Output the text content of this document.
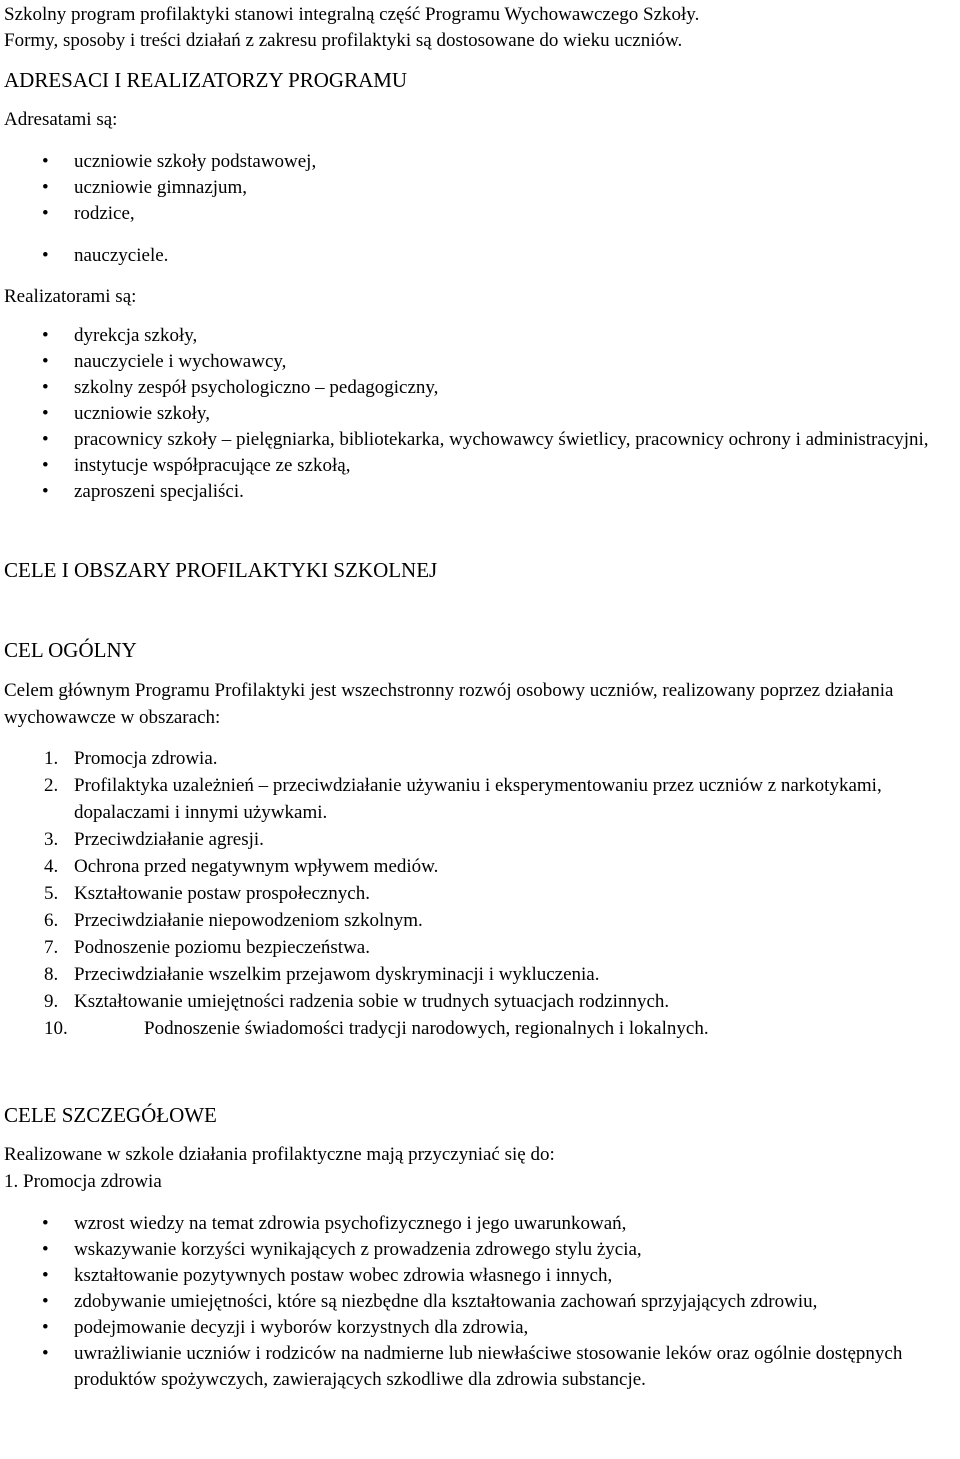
Szkolny program profilaktyki stanowi integralną część Programu Wychowawczego Szkoły.
Formy, sposoby i treści działań z zakresu profilaktyki są dostosowane do wieku uczniów.

ADRESACI I REALIZATORZY PROGRAMU
Adresatami są:
• uczniowie szkoły podstawowej,
• uczniowie gimnazjum,
• rodzice,
• nauczyciele.
Realizatorami są:
• dyrekcja szkoły,
• nauczyciele i wychowawcy,
• szkolny zespół psychologiczno – pedagogiczny,
• uczniowie szkoły,
• pracownicy szkoły – pielęgniarka, bibliotekarka, wychowawcy świetlicy, pracownicy ochrony i administracyjni,
• instytucje współpracujące ze szkołą,
• zaproszeni specjaliści.
CELE I OBSZARY PROFILAKTYKI SZKOLNEJ
CEL OGÓLNY

Celem głównym Programu Profilaktyki jest wszechstronny rozwój osobowy uczniów, realizowany poprzez działania wychowawcze w obszarach:

1. Promocja zdrowia.
2. Profilaktyka uzależnień – przeciwdziałanie używaniu i eksperymentowaniu przez uczniów z narkotykami, dopalaczami i innymi używkami.
3. Przeciwdziałanie agresji.
4. Ochrona przed negatywnym wpływem mediów.
5. Kształtowanie postaw prospołecznych.
6. Przeciwdziałanie niepowodzeniom szkolnym.
7. Podnoszenie poziomu bezpieczeństwa.
8. Przeciwdziałanie wszelkim przejawom dyskryminacji i wykluczenia.
9. Kształtowanie umiejętności radzenia sobie w trudnych sytuacjach rodzinnych.
10.	Podnoszenie świadomości tradycji narodowych, regionalnych i lokalnych.
CELE SZCZEGÓŁOWE
Realizowane w szkole działania profilaktyczne mają przyczyniać się do:
1. Promocja zdrowia
• wzrost wiedzy na temat zdrowia psychofizycznego i jego uwarunkowań,
• wskazywanie korzyści wynikających z prowadzenia zdrowego stylu życia,
• kształtowanie pozytywnych postaw wobec zdrowia własnego i innych,
• zdobywanie umiejętności, które są niezbędne dla kształtowania zachowań sprzyjających zdrowiu,
• podejmowanie decyzji i wyborów korzystnych dla zdrowia,
• uwrażliwianie uczniów i rodziców na nadmierne lub niewłaściwe stosowanie leków oraz ogólnie dostępnych produktów spożywczych, zawierających szkodliwe dla zdrowia substancje.
